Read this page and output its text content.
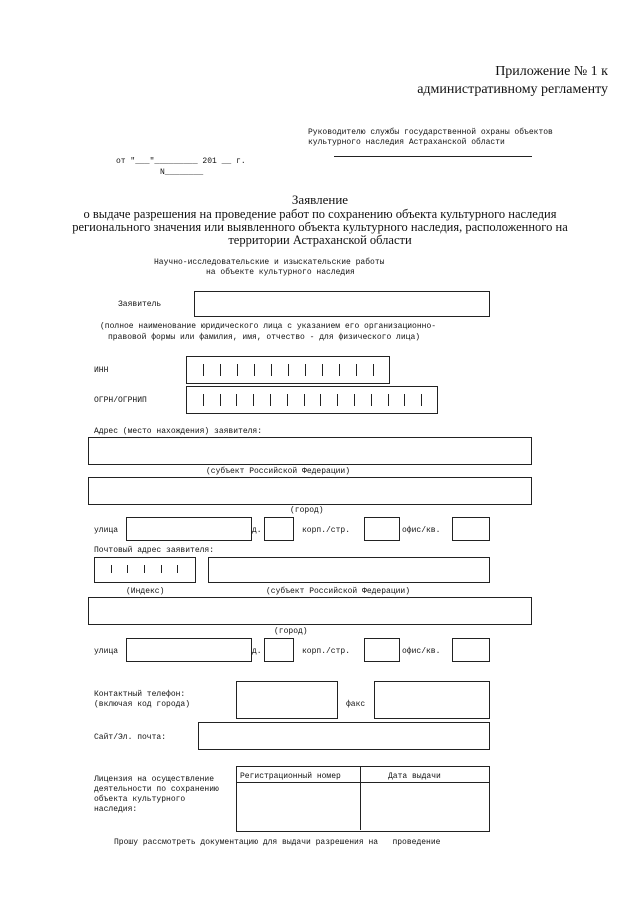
Приложение № 1 к
административному регламенту
Руководителю службы государственной охраны объектов
культурного наследия Астраханской области
от "___"_________ 201 __ г.
N________
Заявление
о выдаче разрешения на проведение работ по сохранению объекта культурного наследия
регионального значения или выявленного объекта культурного наследия, расположенного на
территории Астраханской области
Научно-исследовательские и изыскательские работы
на объекте культурного наследия
Заявитель
(полное наименование юридического лица с указанием его организационно-
правовой формы или фамилия, имя, отчество - для физического лица)
ИНН
ОГРН/ОГРНИП
Адрес (место нахождения) заявителя:
(субъект Российской Федерации)
(город)
улица	д.	корп./стр.	офис/кв.
Почтовый адрес заявителя:
(Индекс)	(субъект Российской Федерации)
(город)
улица	д.	корп./стр.	офис/кв.
Контактный телефон:
(включая код города)	факс
Сайт/Эл. почта:
Лицензия на осуществление
деятельности по сохранению
объекта культурного
наследия:
Регистрационный номер	Дата выдачи
Прошу рассмотреть документацию для выдачи разрешения на   проведение
